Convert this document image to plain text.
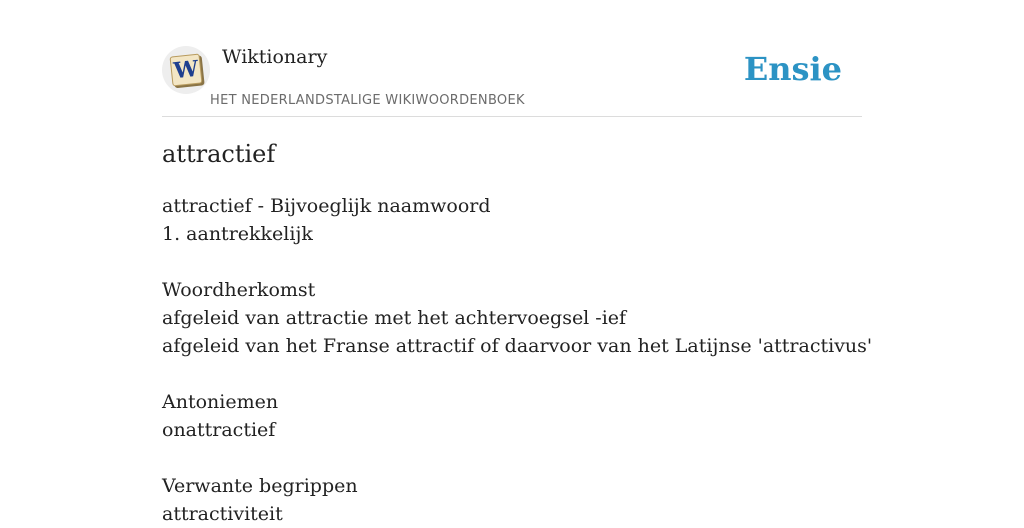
W Wiktionary
HET NEDERLANDSTALIGE WIKIWOORDENBOEK
Ensie
attractief
attractief - Bijvoeglijk naamwoord
1. aantrekkelijk
Woordherkomst
afgeleid van attractie met het achtervoegsel -ief
afgeleid van het Franse attractif of daarvoor van het Latijnse 'attractivus'
Antoniemen
onattractief
Verwante begrippen
attractiviteit
